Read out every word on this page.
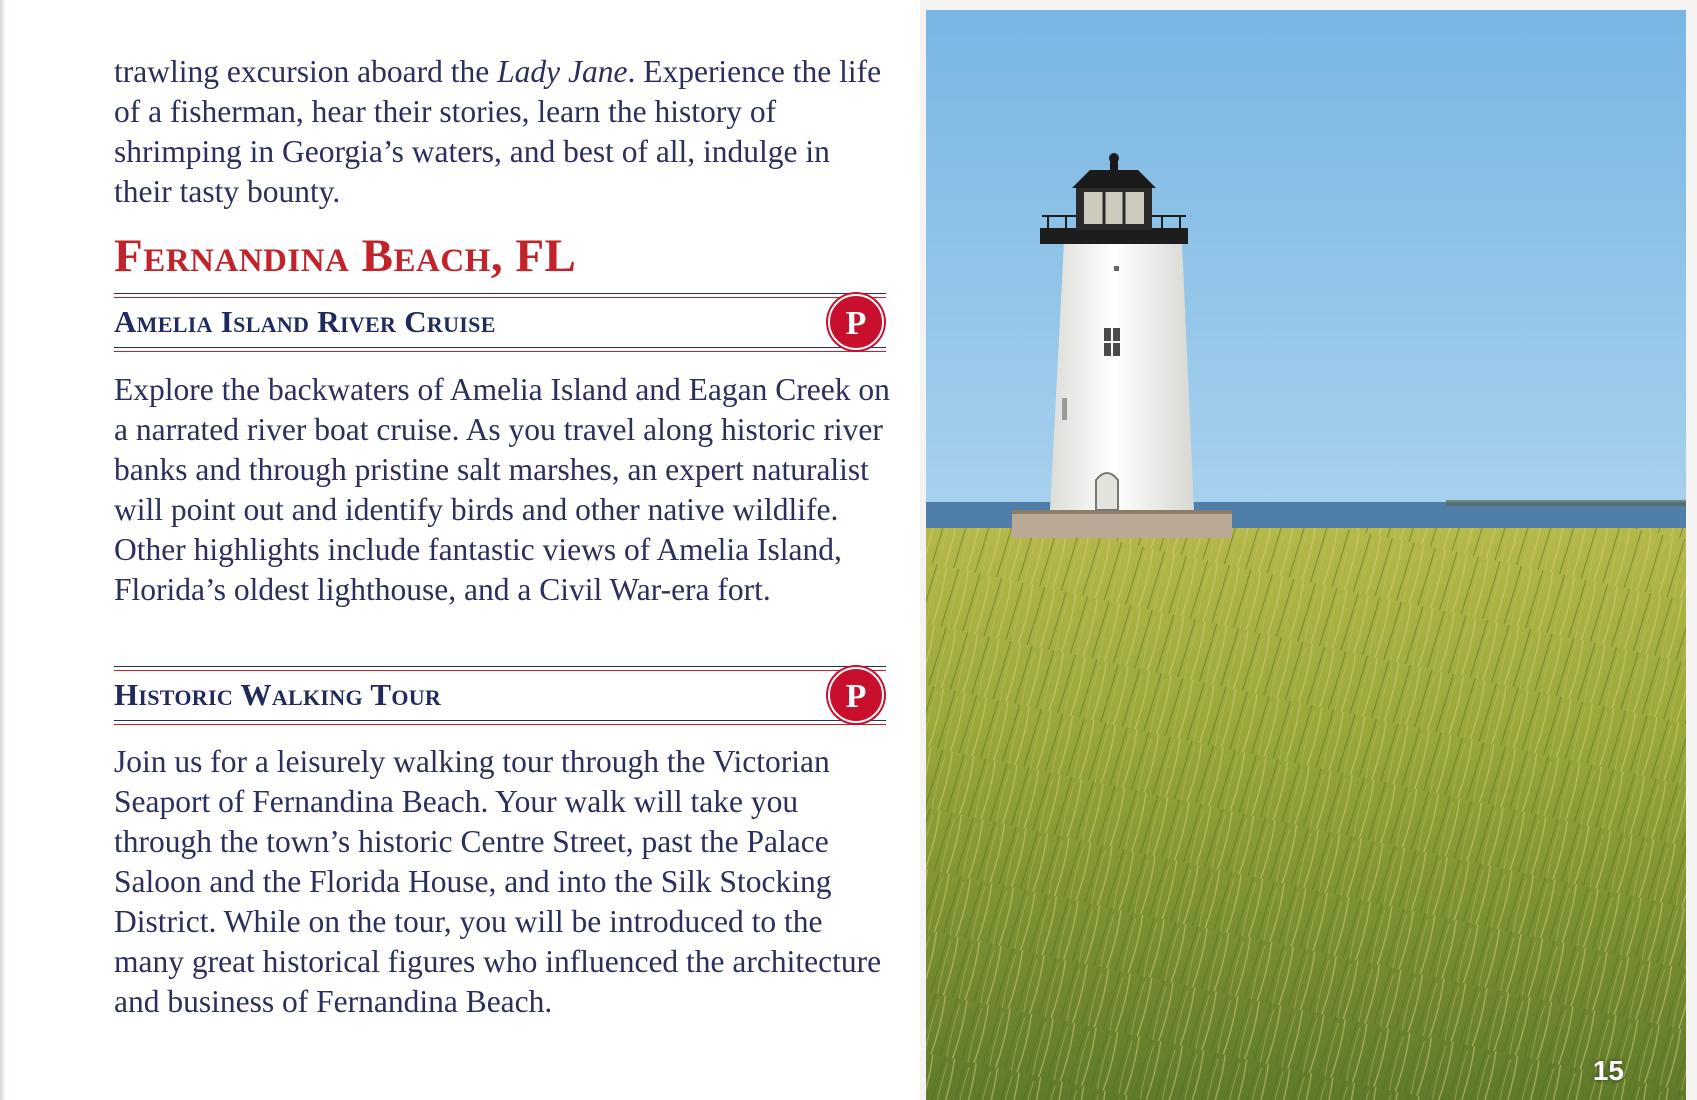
trawling excursion aboard the Lady Jane. Experience the life of a fisherman, hear their stories, learn the history of shrimping in Georgia’s waters, and best of all, indulge in their tasty bounty.

Fernandina Beach, FL
Amelia Island River Cruise	P

Explore the backwaters of Amelia Island and Eagan Creek on a narrated river boat cruise. As you travel along historic river banks and through pristine salt marshes, an expert naturalist will point out and identify birds and other native wildlife. Other highlights include fantastic views of Amelia Island, Florida’s oldest lighthouse, and a Civil War-era fort.

Historic Walking Tour	P

Join us for a leisurely walking tour through the Victorian Seaport of Fernandina Beach. Your walk will take you through the town’s historic Centre Street, past the Palace Saloon and the Florida House, and into the Silk Stocking District. While on the tour, you will be introduced to the many great historical figures who influenced the architecture and business of Fernandina Beach.

15
